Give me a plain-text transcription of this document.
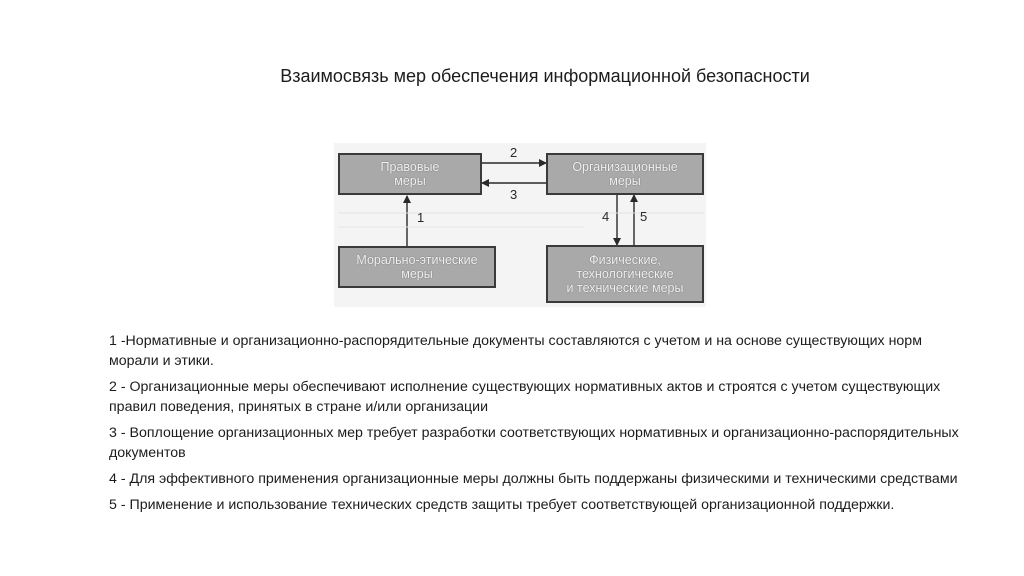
Взаимосвязь мер обеспечения информационной безопасности
Правовые
меры
Организационные
меры
Морально-этические
меры
Физические,
технологические
и технические меры
2
3
1	4 5

1 -Нормативные и организационно-распорядительные документы составляются с учетом и на основе существующих норм морали и этики.

2 - Организационные меры обеспечивают исполнение существующих нормативных актов и строятся с учетом существующих правил поведения, принятых в стране и/или организации

3 - Воплощение организационных мер требует разработки соответствующих нормативных и организационно-распорядительных документов

4 - Для эффективного применения организационные меры должны быть поддержаны физическими и техническими средствами

5 - Применение и использование технических средств защиты требует соответствующей организационной поддержки.
